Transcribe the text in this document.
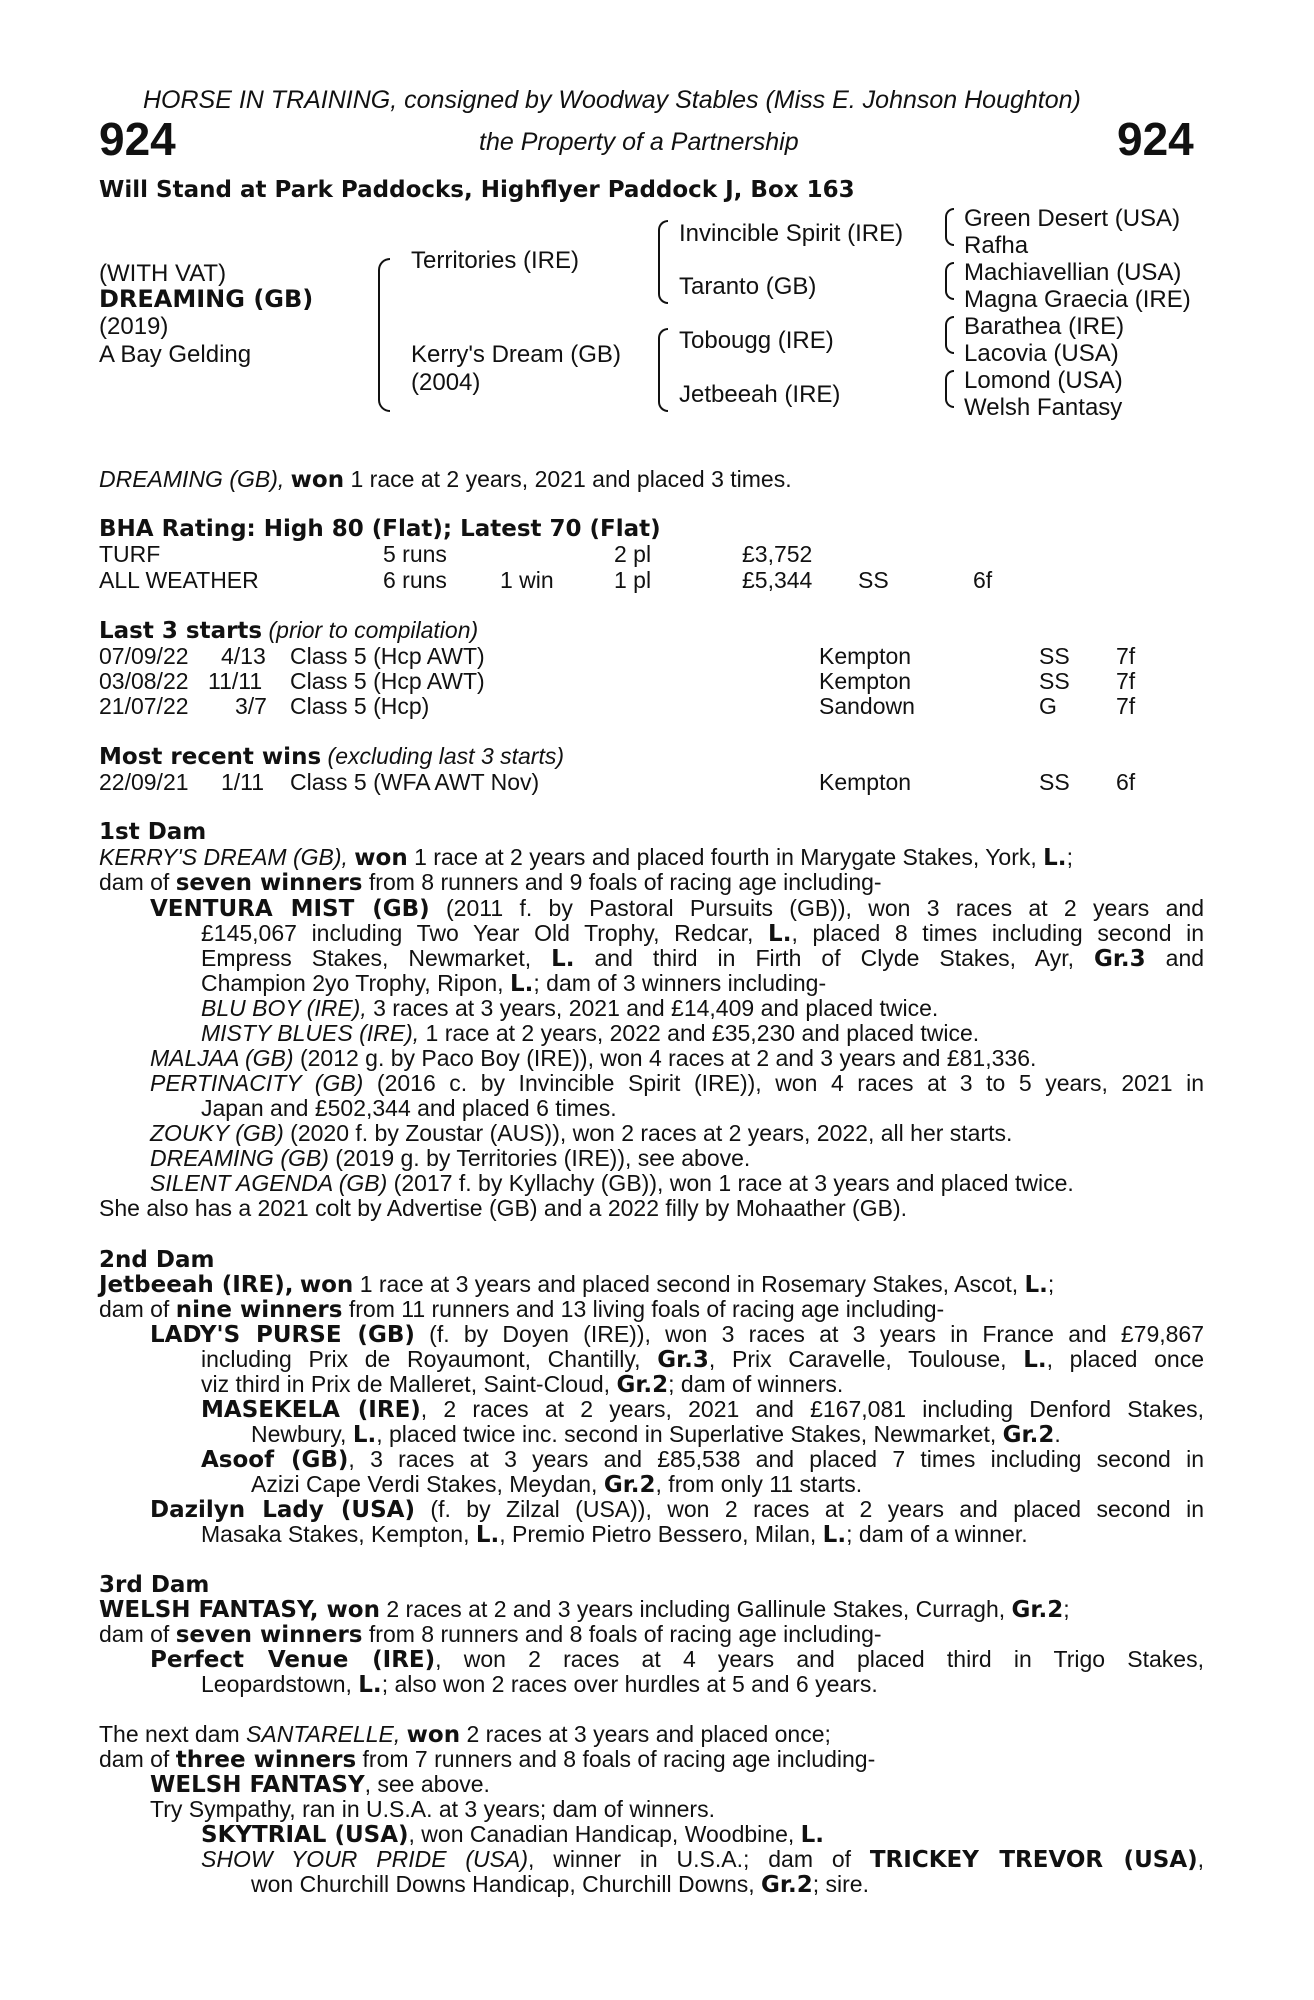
HORSE IN TRAINING, consigned by Woodway Stables (Miss E. Johnson Houghton)
924	the Property of a Partnership	924
Will Stand at Park Paddocks, Highflyer Paddock J, Box 163
(WITH VAT)
DREAMING (GB)
(2019)
A Bay Gelding
Territories (IRE)
Kerry's Dream (GB)
(2004)
Invincible Spirit (IRE)
Taranto (GB)
Tobougg (IRE)
Jetbeeah (IRE)
Green Desert (USA)
Rafha
Machiavellian (USA)
Magna Graecia (IRE)
Barathea (IRE)
Lacovia (USA)
Lomond (USA)
Welsh Fantasy
DREAMING (GB), won 1 race at 2 years, 2021 and placed 3 times.
BHA Rating: High 80 (Flat); Latest 70 (Flat)
TURF	5 runs	2 pl	£3,752
ALL WEATHER	6 runs 1 win	1 pl	£5,344 SS	6f
Last 3 starts (prior to compilation)
07/09/22 4/13 Class 5 (Hcp AWT)	Kempton	SS 7f
03/08/22 11/11 Class 5 (Hcp AWT)	Kempton	SS 7f
21/07/22 3/7 Class 5 (Hcp)	Sandown	G	7f
Most recent wins (excluding last 3 starts)
22/09/21 1/11 Class 5 (WFA AWT Nov)	Kempton	SS 6f
1st Dam
KERRY'S DREAM (GB), won 1 race at 2 years and placed fourth in Marygate Stakes, York, L.;
dam of seven winners from 8 runners and 9 foals of racing age including-
VENTURA MIST (GB) (2011 f. by Pastoral Pursuits (GB)), won 3 races at 2 years and
£145,067 including Two Year Old Trophy, Redcar, L., placed 8 times including second in
Empress Stakes, Newmarket, L. and third in Firth of Clyde Stakes, Ayr, Gr.3 and
Champion 2yo Trophy, Ripon, L.; dam of 3 winners including-
BLU BOY (IRE), 3 races at 3 years, 2021 and £14,409 and placed twice.
MISTY BLUES (IRE), 1 race at 2 years, 2022 and £35,230 and placed twice.
MALJAA (GB) (2012 g. by Paco Boy (IRE)), won 4 races at 2 and 3 years and £81,336.
PERTINACITY (GB) (2016 c. by Invincible Spirit (IRE)), won 4 races at 3 to 5 years, 2021 in
Japan and £502,344 and placed 6 times.
ZOUKY (GB) (2020 f. by Zoustar (AUS)), won 2 races at 2 years, 2022, all her starts.
DREAMING (GB) (2019 g. by Territories (IRE)), see above.
SILENT AGENDA (GB) (2017 f. by Kyllachy (GB)), won 1 race at 3 years and placed twice.
She also has a 2021 colt by Advertise (GB) and a 2022 filly by Mohaather (GB).
2nd Dam
Jetbeeah (IRE), won 1 race at 3 years and placed second in Rosemary Stakes, Ascot, L.;
dam of nine winners from 11 runners and 13 living foals of racing age including-
LADY'S PURSE (GB) (f. by Doyen (IRE)), won 3 races at 3 years in France and £79,867
including Prix de Royaumont, Chantilly, Gr.3, Prix Caravelle, Toulouse, L., placed once
viz third in Prix de Malleret, Saint-Cloud, Gr.2; dam of winners.
MASEKELA (IRE), 2 races at 2 years, 2021 and £167,081 including Denford Stakes,
Newbury, L., placed twice inc. second in Superlative Stakes, Newmarket, Gr.2.
Asoof (GB), 3 races at 3 years and £85,538 and placed 7 times including second in
Azizi Cape Verdi Stakes, Meydan, Gr.2, from only 11 starts.
Dazilyn Lady (USA) (f. by Zilzal (USA)), won 2 races at 2 years and placed second in
Masaka Stakes, Kempton, L., Premio Pietro Bessero, Milan, L.; dam of a winner.
3rd Dam
WELSH FANTASY, won 2 races at 2 and 3 years including Gallinule Stakes, Curragh, Gr.2;
dam of seven winners from 8 runners and 8 foals of racing age including-
Perfect Venue (IRE), won 2 races at 4 years and placed third in Trigo Stakes,
Leopardstown, L.; also won 2 races over hurdles at 5 and 6 years.
The next dam SANTARELLE, won 2 races at 3 years and placed once;
dam of three winners from 7 runners and 8 foals of racing age including-
WELSH FANTASY, see above.
Try Sympathy, ran in U.S.A. at 3 years; dam of winners.
SKYTRIAL (USA), won Canadian Handicap, Woodbine, L.
SHOW YOUR PRIDE (USA), winner in U.S.A.; dam of TRICKEY TREVOR (USA),
won Churchill Downs Handicap, Churchill Downs, Gr.2; sire.
